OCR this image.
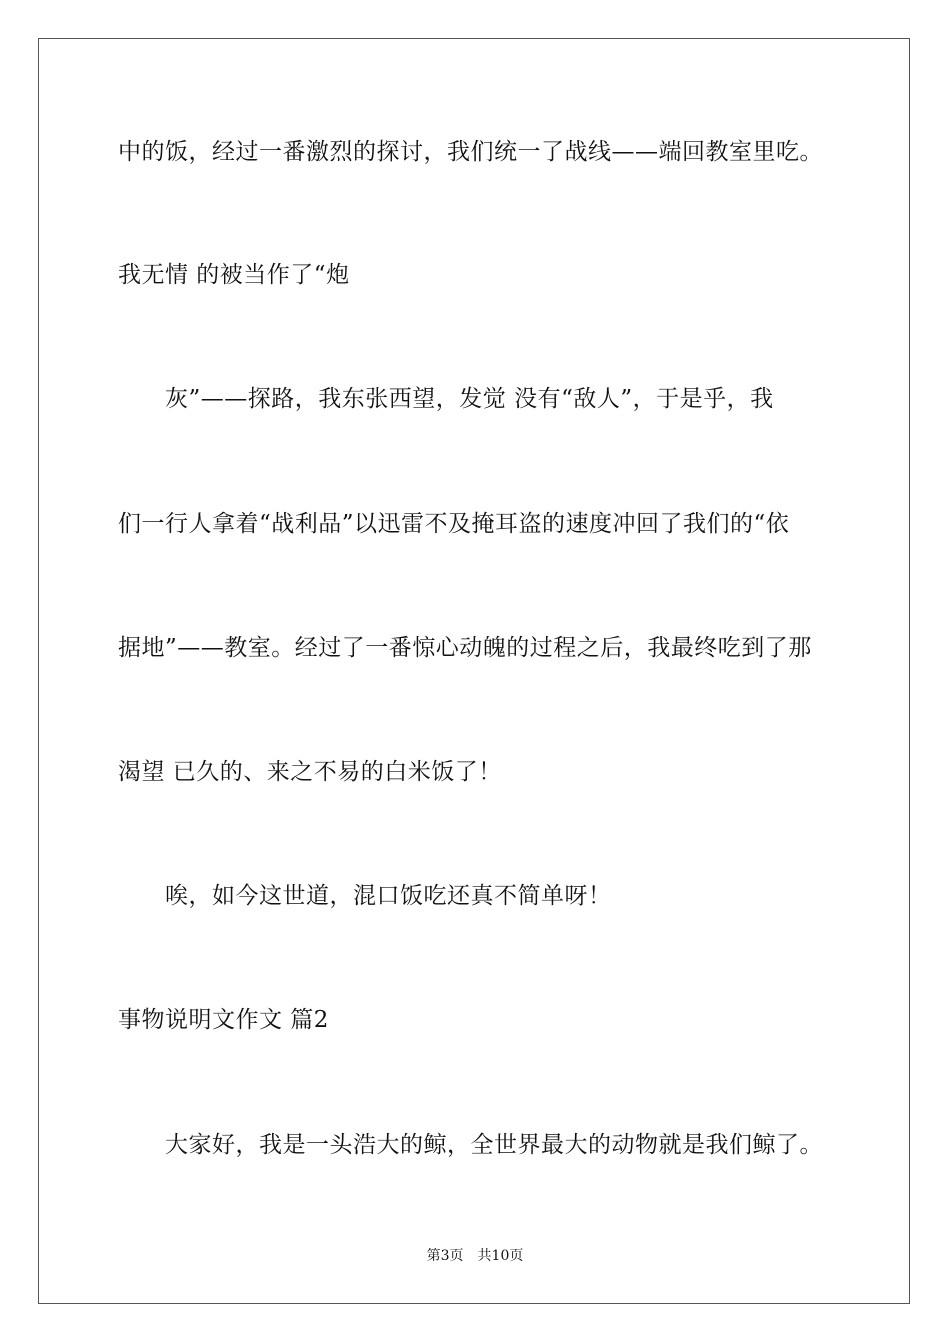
中的饭，经过一番激烈的探讨，我们统一了战线——端回教室里吃。
我无情 的被当作了“炮
　　灰”——探路，我东张西望，发觉 没有“敌人”，于是乎，我
们一行人拿着“战利品”以迅雷不及掩耳盗的速度冲回了我们的“依
据地”——教室。经过了一番惊心动魄的过程之后，我最终吃到了那
渴望 已久的、来之不易的白米饭了！
　　唉，如今这世道，混口饭吃还真不简单呀！
事物说明文作文 篇2
　　大家好，我是一头浩大的鲸，全世界最大的动物就是我们鲸了。
第3页　共10页
